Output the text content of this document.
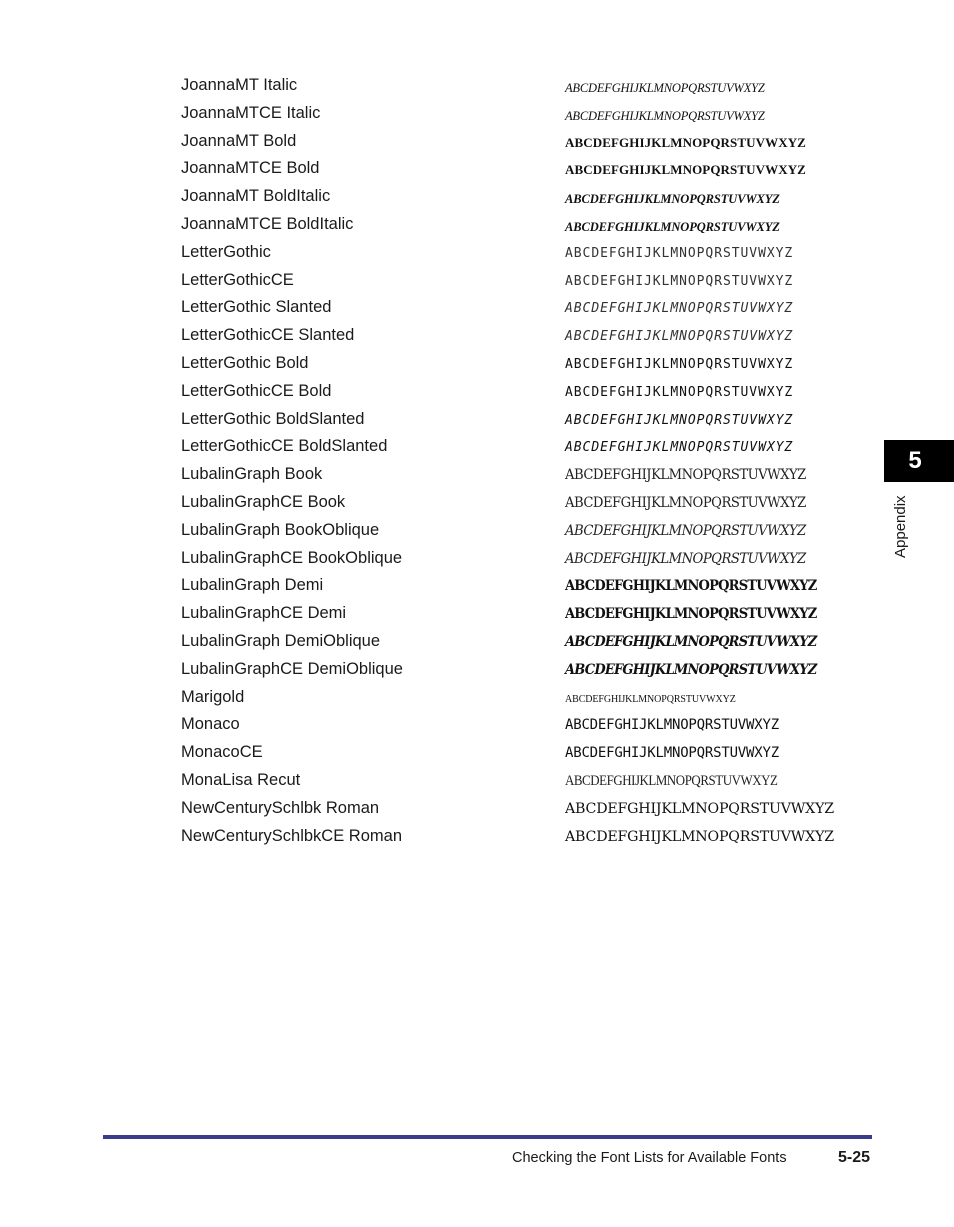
JoannaMT Italic	ABCDEFGHIJKLMNOPQRSTUVWXYZ
JoannaMTCE Italic	ABCDEFGHIJKLMNOPQRSTUVWXYZ
JoannaMT Bold	ABCDEFGHIJKLMNOPQRSTUVWXYZ
JoannaMTCE Bold	ABCDEFGHIJKLMNOPQRSTUVWXYZ
JoannaMT BoldItalic	ABCDEFGHIJKLMNOPQRSTUVWXYZ
JoannaMTCE BoldItalic	ABCDEFGHIJKLMNOPQRSTUVWXYZ
LetterGothic	ABCDEFGHIJKLMNOPQRSTUVWXYZ
LetterGothicCE	ABCDEFGHIJKLMNOPQRSTUVWXYZ
LetterGothic Slanted	ABCDEFGHIJKLMNOPQRSTUVWXYZ
LetterGothicCE Slanted	ABCDEFGHIJKLMNOPQRSTUVWXYZ
LetterGothic Bold	ABCDEFGHIJKLMNOPQRSTUVWXYZ
LetterGothicCE Bold	ABCDEFGHIJKLMNOPQRSTUVWXYZ
LetterGothic BoldSlanted	ABCDEFGHIJKLMNOPQRSTUVWXYZ
LetterGothicCE BoldSlanted	ABCDEFGHIJKLMNOPQRSTUVWXYZ
LubalinGraph Book	ABCDEFGHIJKLMNOPQRSTUVWXYZ
LubalinGraphCE Book	ABCDEFGHIJKLMNOPQRSTUVWXYZ
LubalinGraph BookOblique	ABCDEFGHIJKLMNOPQRSTUVWXYZ
LubalinGraphCE BookOblique	ABCDEFGHIJKLMNOPQRSTUVWXYZ
LubalinGraph Demi	ABCDEFGHIJKLMNOPQRSTUVWXYZ
LubalinGraphCE Demi	ABCDEFGHIJKLMNOPQRSTUVWXYZ
LubalinGraph DemiOblique	ABCDEFGHIJKLMNOPQRSTUVWXYZ
LubalinGraphCE DemiOblique	ABCDEFGHIJKLMNOPQRSTUVWXYZ
Marigold	ABCDEFGHIJKLMNOPQRSTUVWXYZ
Monaco	ABCDEFGHIJKLMNOPQRSTUVWXYZ
MonacoCE	ABCDEFGHIJKLMNOPQRSTUVWXYZ
MonaLisa Recut	ABCDEFGHIJKLMNOPQRSTUVWXYZ
NewCenturySchlbk Roman	ABCDEFGHIJKLMNOPQRSTUVWXYZ
NewCenturySchlbkCE Roman	ABCDEFGHIJKLMNOPQRSTUVWXYZ
5
Appendix
Checking the Font Lists for Available Fonts	5-25
